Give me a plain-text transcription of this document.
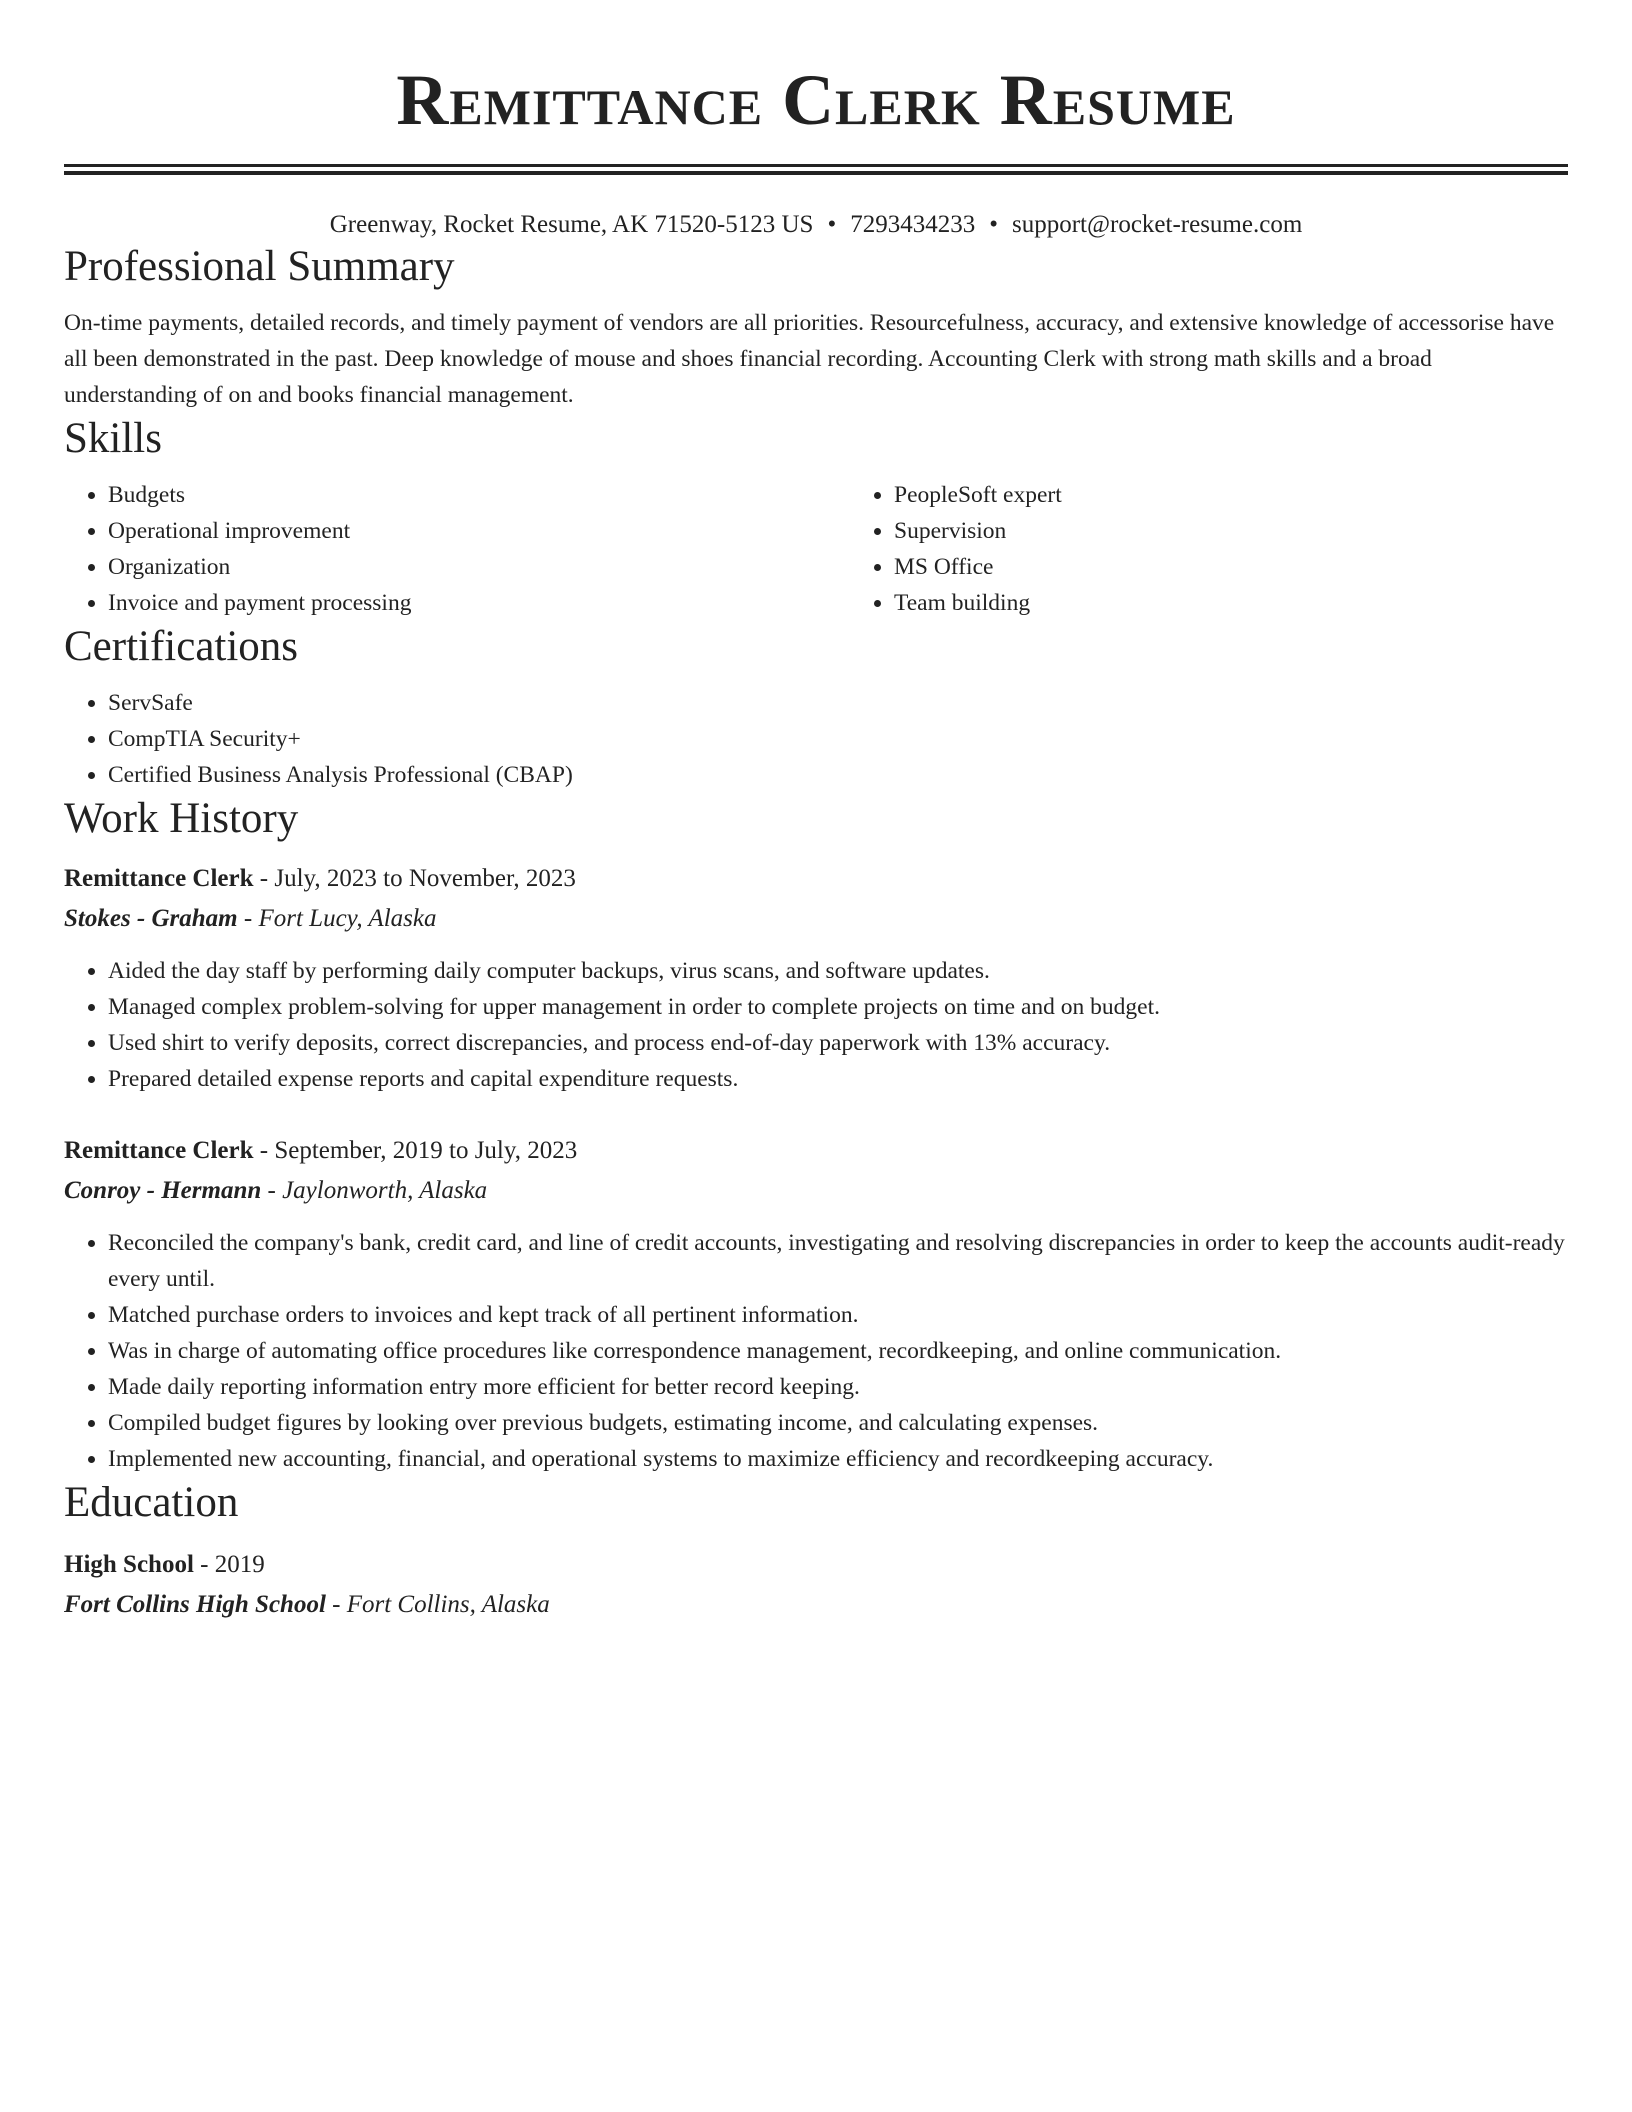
Remittance Clerk Resume
Greenway, Rocket Resume, AK 71520-5123 US • 7293434233 • support@rocket-resume.com
Professional Summary

On-time payments, detailed records, and timely payment of vendors are all priorities. Resourcefulness, accuracy, and extensive knowledge of accessorise have all been demonstrated in the past. Deep knowledge of mouse and shoes financial recording. Accounting Clerk with strong math skills and a broad understanding of on and books financial management.

Skills
• Budgets
• Operational improvement
• Organization
• Invoice and payment processing
• PeopleSoft expert
• Supervision
• MS Office
• Team building
Certifications
• ServSafe
• CompTIA Security+
• Certified Business Analysis Professional (CBAP)
Work History
Remittance Clerk - July, 2023 to November, 2023
Stokes - Graham - Fort Lucy, Alaska
• Aided the day staff by performing daily computer backups, virus scans, and software updates.
• Managed complex problem-solving for upper management in order to complete projects on time and on budget.
• Used shirt to verify deposits, correct discrepancies, and process end-of-day paperwork with 13% accuracy.
• Prepared detailed expense reports and capital expenditure requests.
Remittance Clerk - September, 2019 to July, 2023
Conroy - Hermann - Jaylonworth, Alaska
• Reconciled the company's bank, credit card, and line of credit accounts, investigating and resolving discrepancies in order to keep the accounts audit-ready every until.
• Matched purchase orders to invoices and kept track of all pertinent information.
• Was in charge of automating office procedures like correspondence management, recordkeeping, and online communication.
• Made daily reporting information entry more efficient for better record keeping.
• Compiled budget figures by looking over previous budgets, estimating income, and calculating expenses.
• Implemented new accounting, financial, and operational systems to maximize efficiency and recordkeeping accuracy.
Education
High School - 2019
Fort Collins High School - Fort Collins, Alaska
